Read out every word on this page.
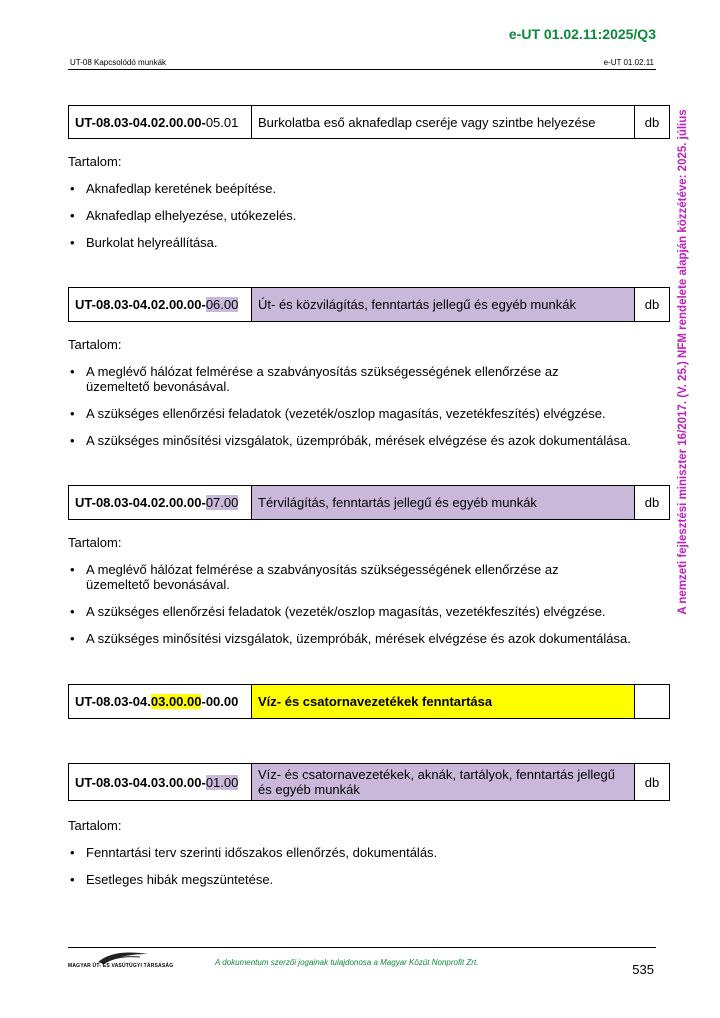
e-UT 01.02.11:2025/Q3
UT-08 Kapcsolódó munkák	e-UT 01.02.11
A nemzeti fejlesztési miniszter 16/2017. (V. 25.) NFM rendelete alapján közzétéve: 2025. július
UT-08.03-04.02.00.00-05.01	Burkolatba eső aknafedlap cseréje vagy szintbe helyezése	db
Tartalom:
• Aknafedlap keretének beépítése.
• Aknafedlap elhelyezése, utókezelés.
• Burkolat helyreállítása.
UT-08.03-04.02.00.00-06.00	Út- és közvilágítás, fenntartás jellegű és egyéb munkák	db
Tartalom:
• A meglévő hálózat felmérése a szabványosítás szükségességének ellenőrzése az üzemeltető bevonásával.
• A szükséges ellenőrzési feladatok (vezeték/oszlop magasítás, vezetékfeszítés) elvégzése.
• A szükséges minősítési vizsgálatok, üzempróbák, mérések elvégzése és azok dokumentálása.
UT-08.03-04.02.00.00-07.00	Térvilágítás, fenntartás jellegű és egyéb munkák	db
Tartalom:
• A meglévő hálózat felmérése a szabványosítás szükségességének ellenőrzése az üzemeltető bevonásával.
• A szükséges ellenőrzési feladatok (vezeték/oszlop magasítás, vezetékfeszítés) elvégzése.
• A szükséges minősítési vizsgálatok, üzempróbák, mérések elvégzése és azok dokumentálása.
UT-08.03-04.03.00.00-00.00	Víz- és csatornavezetékek fenntartása	
UT-08.03-04.03.00.00-01.00	Víz- és csatornavezetékek, aknák, tartályok, fenntartás jellegű és egyéb munkák	db
Tartalom:
• Fenntartási terv szerinti időszakos ellenőrzés, dokumentálás.
• Esetleges hibák megszüntetése.
MAGYAR ÚT- ÉS VASÚTÜGYI TÁRSASÁG	A dokumentum szerzői jogainak tulajdonosa a Magyar Közút Nonprofit Zrt.	535
